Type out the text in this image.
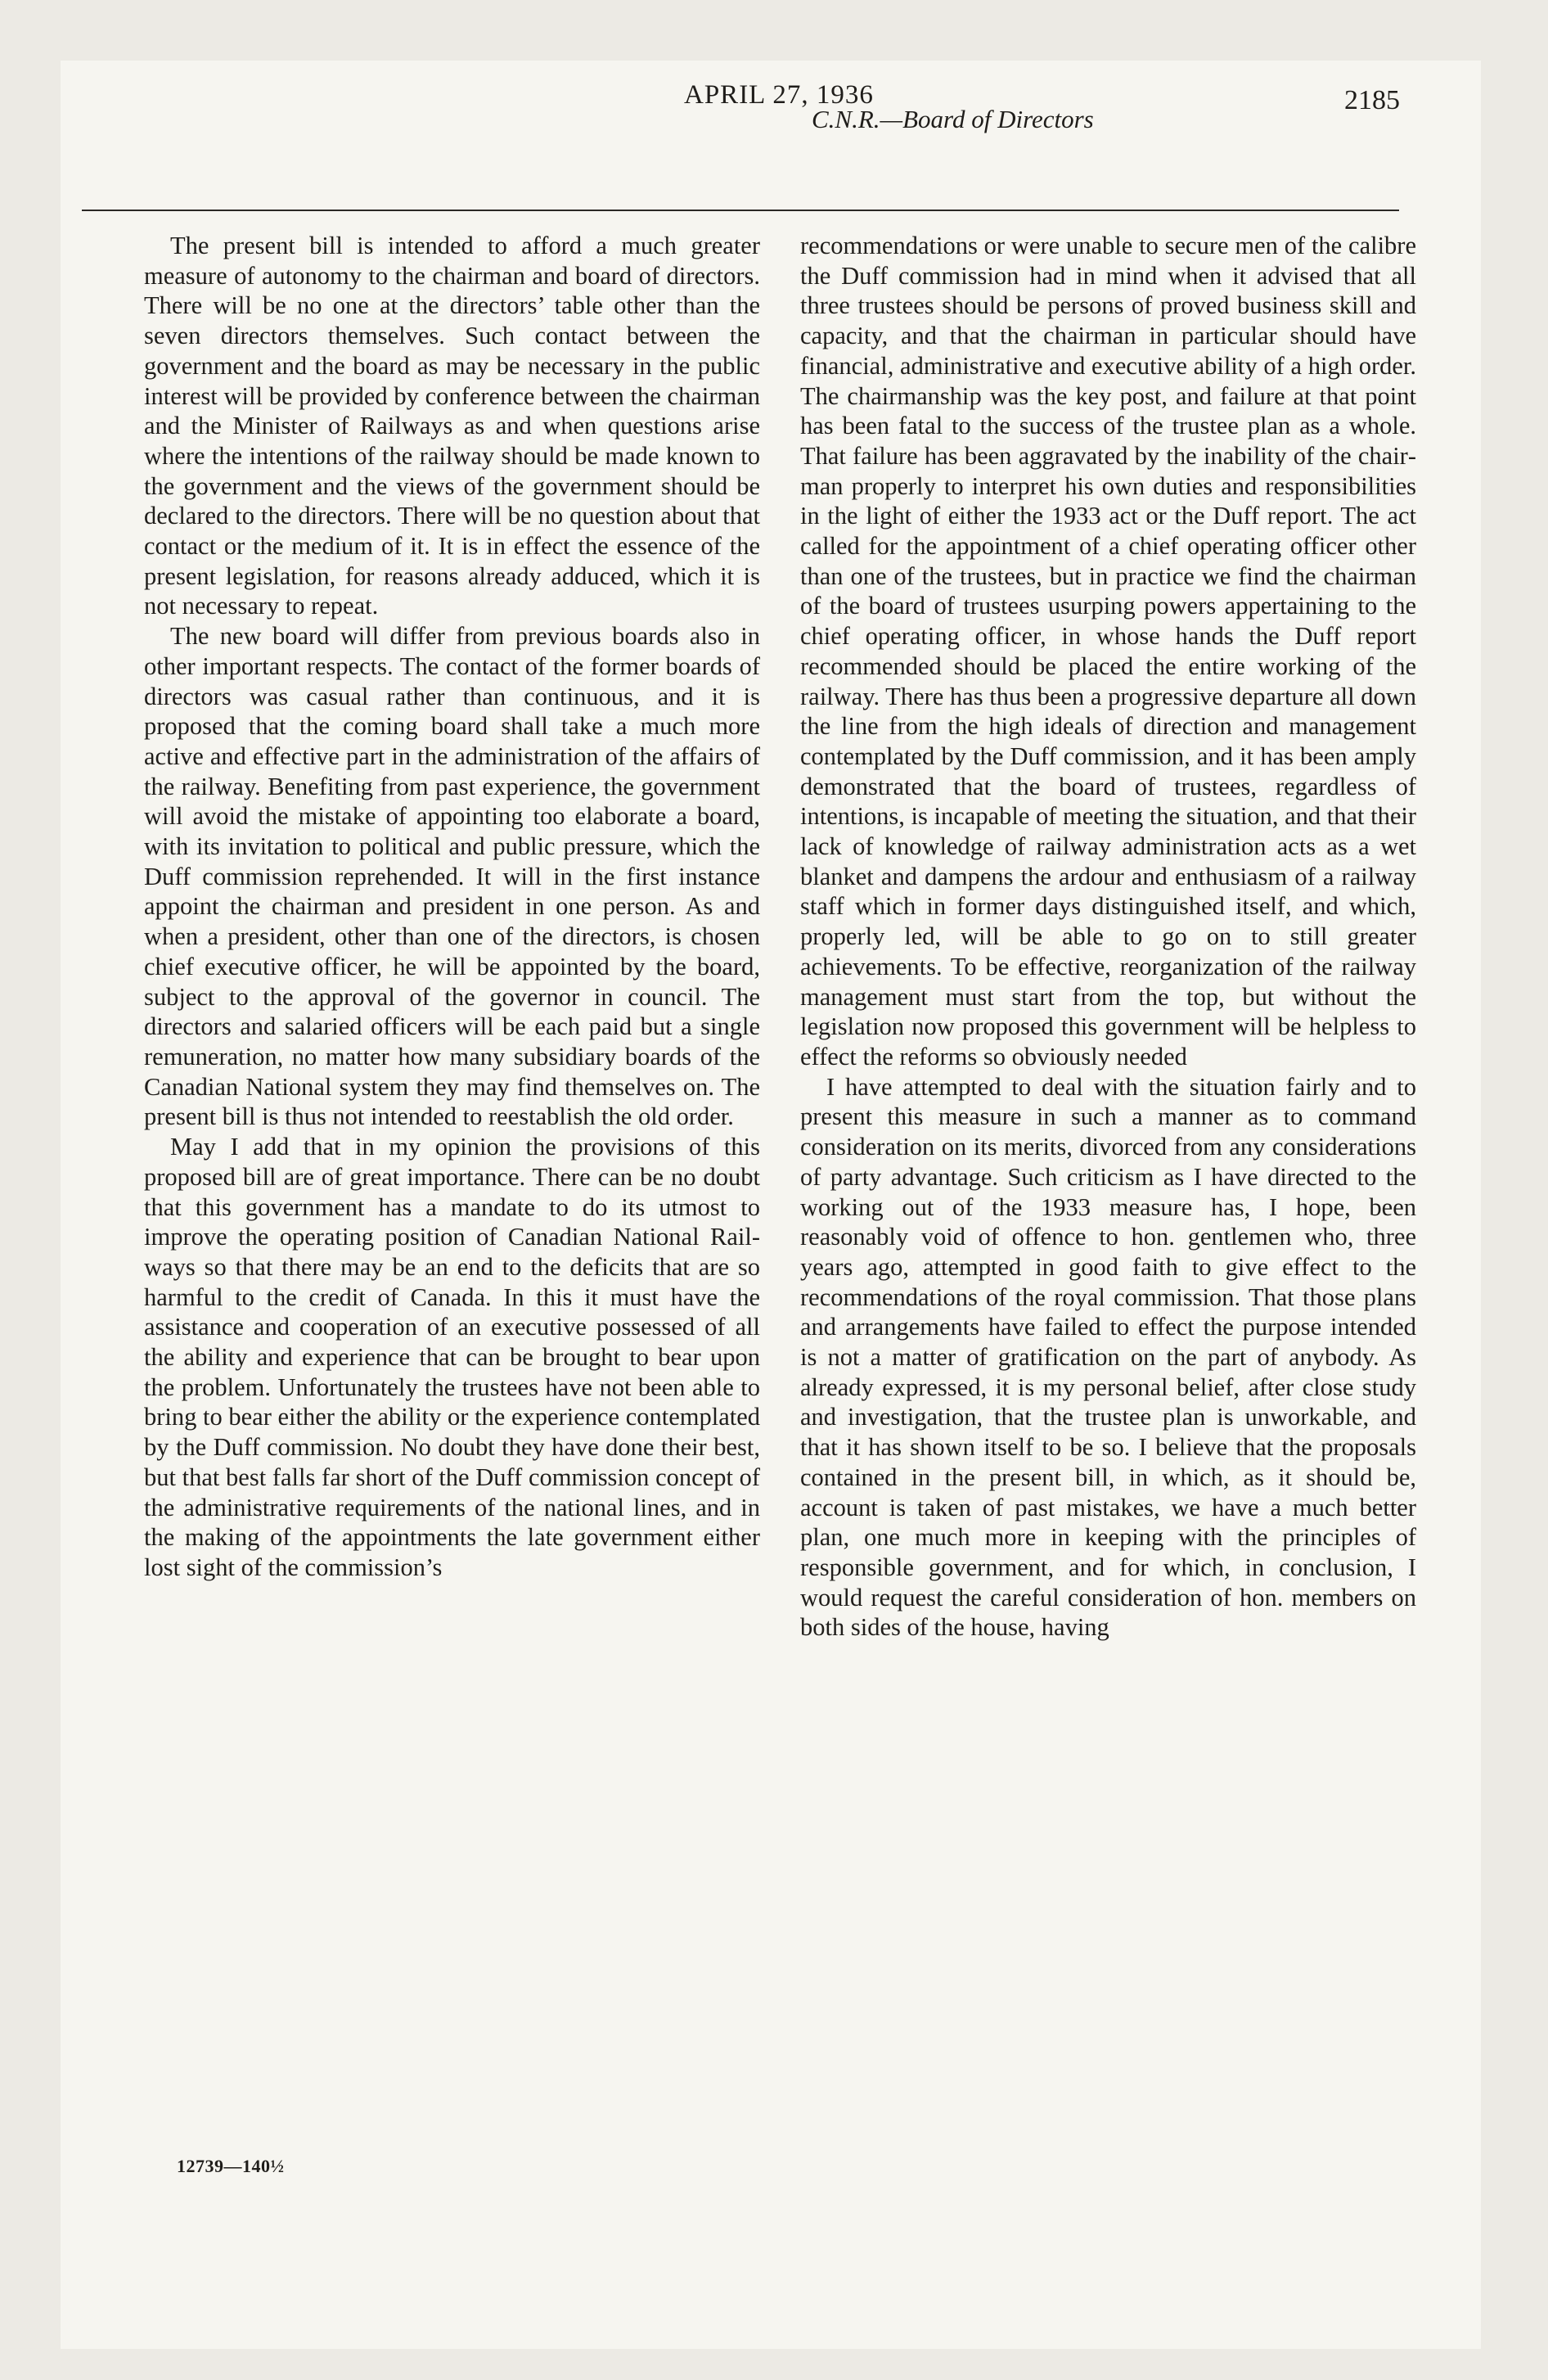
APRIL 27, 1936
C.N.R.—Board of Directors
2185

The present bill is intended to afford a much greater measure of autonomy to the chairman and board of directors. There will be no one at the directors’ table other than the seven directors themselves. Such contact between the government and the board as may be necessary in the public interest will be provided by conference between the chairman and the Minister of Railways as and when questions arise where the intentions of the railway should be made known to the government and the views of the government should be declared to the directors. There will be no question about that contact or the medium of it. It is in effect the essence of the present legislation, for reasons already adduced, which it is not necessary to repeat.

The new board will differ from previous boards also in other important respects. The contact of the former boards of directors was casual rather than continuous, and it is proposed that the coming board shall take a much more active and effective part in the administration of the affairs of the railway. Benefiting from past experience, the government will avoid the mistake of appointing too elaborate a board, with its invitation to political and public pressure, which the Duff commission reprehended. It will in the first instance appoint the chairman and president in one person. As and when a president, other than one of the directors, is chosen chief executive officer, he will be appointed by the board, subject to the approval of the governor in council. The directors and salaried officers will be each paid but a single remuneration, no matter how many subsidiary boards of the Canadian National system they may find themselves on. The present bill is thus not intended to reestablish the old order.

May I add that in my opinion the provisions of this proposed bill are of great importance. There can be no doubt that this government has a mandate to do its utmost to improve the operating position of Canadian National Railways so that there may be an end to the deficits that are so harmful to the credit of Canada. In this it must have the assistance and cooperation of an executive possessed of all the ability and experience that can be brought to bear upon the problem. Unfortunately the trustees have not been able to bring to bear either the ability or the experience contemplated by the Duff commission. No doubt they have done their best, but that best falls far short of the Duff commission concept of the administrative requirements of the national lines, and in the making of the appointments the late government either lost sight of the commission’s

recommendations or were unable to secure men of the calibre the Duff commission had in mind when it advised that all three trustees should be persons of proved business skill and capacity, and that the chairman in particular should have financial, administrative and executive ability of a high order. The chairmanship was the key post, and failure at that point has been fatal to the success of the trustee plan as a whole. That failure has been aggravated by the inability of the chairman properly to interpret his own duties and responsibilities in the light of either the 1933 act or the Duff report. The act called for the appointment of a chief operating officer other than one of the trustees, but in practice we find the chairman of the board of trustees usurping powers appertaining to the chief operating officer, in whose hands the Duff report recommended should be placed the entire working of the railway. There has thus been a progressive departure all down the line from the high ideals of direction and management contemplated by the Duff commission, and it has been amply demonstrated that the board of trustees, regardless of intentions, is incapable of meeting the situation, and that their lack of knowledge of railway administration acts as a wet blanket and dampens the ardour and enthusiasm of a railway staff which in former days distinguished itself, and which, properly led, will be able to go on to still greater achievements. To be effective, reorganization of the railway management must start from the top, but without the legislation now proposed this government will be helpless to effect the reforms so obviously needed

I have attempted to deal with the situation fairly and to present this measure in such a manner as to command consideration on its merits, divorced from any considerations of party advantage. Such criticism as I have directed to the working out of the 1933 measure has, I hope, been reasonably void of offence to hon. gentlemen who, three years ago, attempted in good faith to give effect to the recommendations of the royal commission. That those plans and arrangements have failed to effect the purpose intended is not a matter of gratification on the part of anybody. As already expressed, it is my personal belief, after close study and investigation, that the trustee plan is unworkable, and that it has shown itself to be so. I believe that the proposals contained in the present bill, in which, as it should be, account is taken of past mistakes, we have a much better plan, one much more in keeping with the principles of responsible government, and for which, in conclusion, I would request the careful consideration of hon. members on both sides of the house, having

12739—140½
